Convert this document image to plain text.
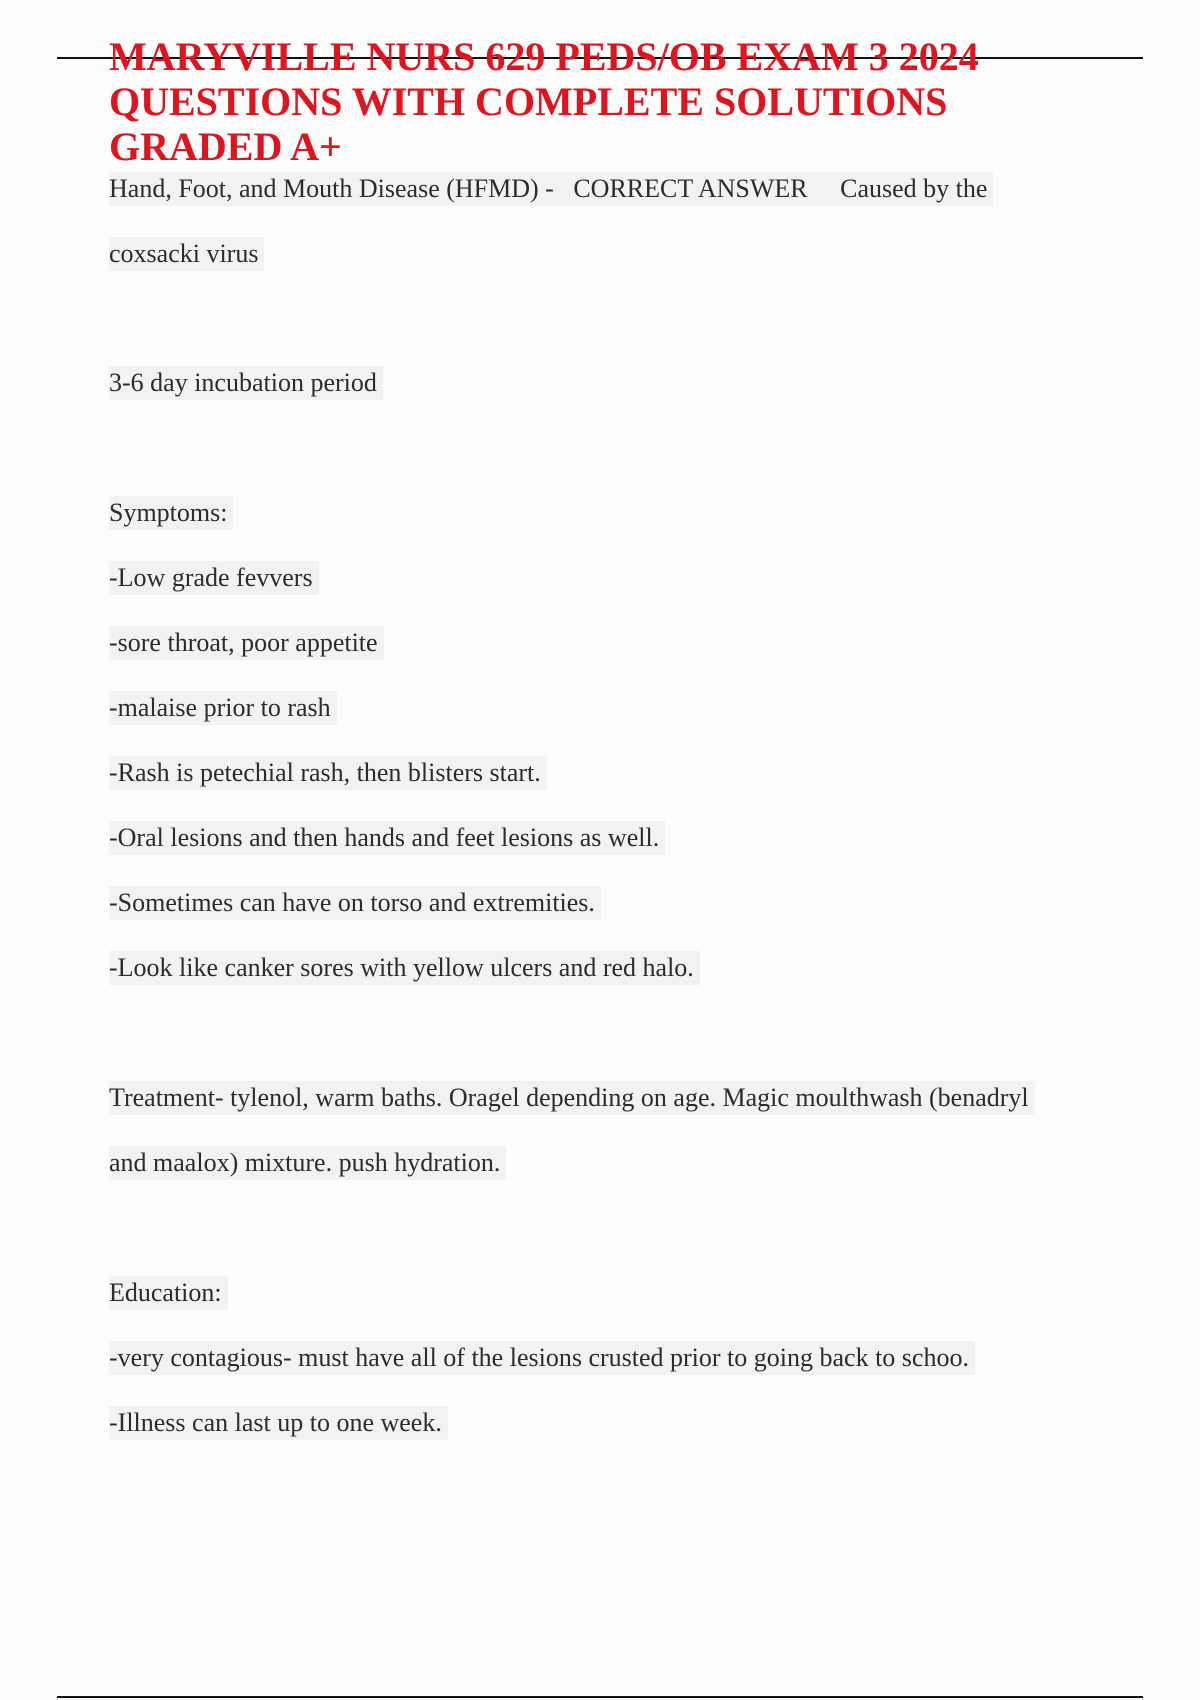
MARYVILLE NURS 629 PEDS/OB EXAM 3 2024
QUESTIONS WITH COMPLETE SOLUTIONS
GRADED A+

Hand, Foot, and Mouth Disease (HFMD) -   CORRECT ANSWER     Caused by the

coxsacki virus

3-6 day incubation period

Symptoms:

-Low grade fevvers

-sore throat, poor appetite

-malaise prior to rash

-Rash is petechial rash, then blisters start.

-Oral lesions and then hands and feet lesions as well.

-Sometimes can have on torso and extremities.

-Look like canker sores with yellow ulcers and red halo.

Treatment- tylenol, warm baths. Oragel depending on age. Magic moulthwash (benadryl

and maalox) mixture. push hydration.

Education:

-very contagious- must have all of the lesions crusted prior to going back to schoo.

-Illness can last up to one week.
